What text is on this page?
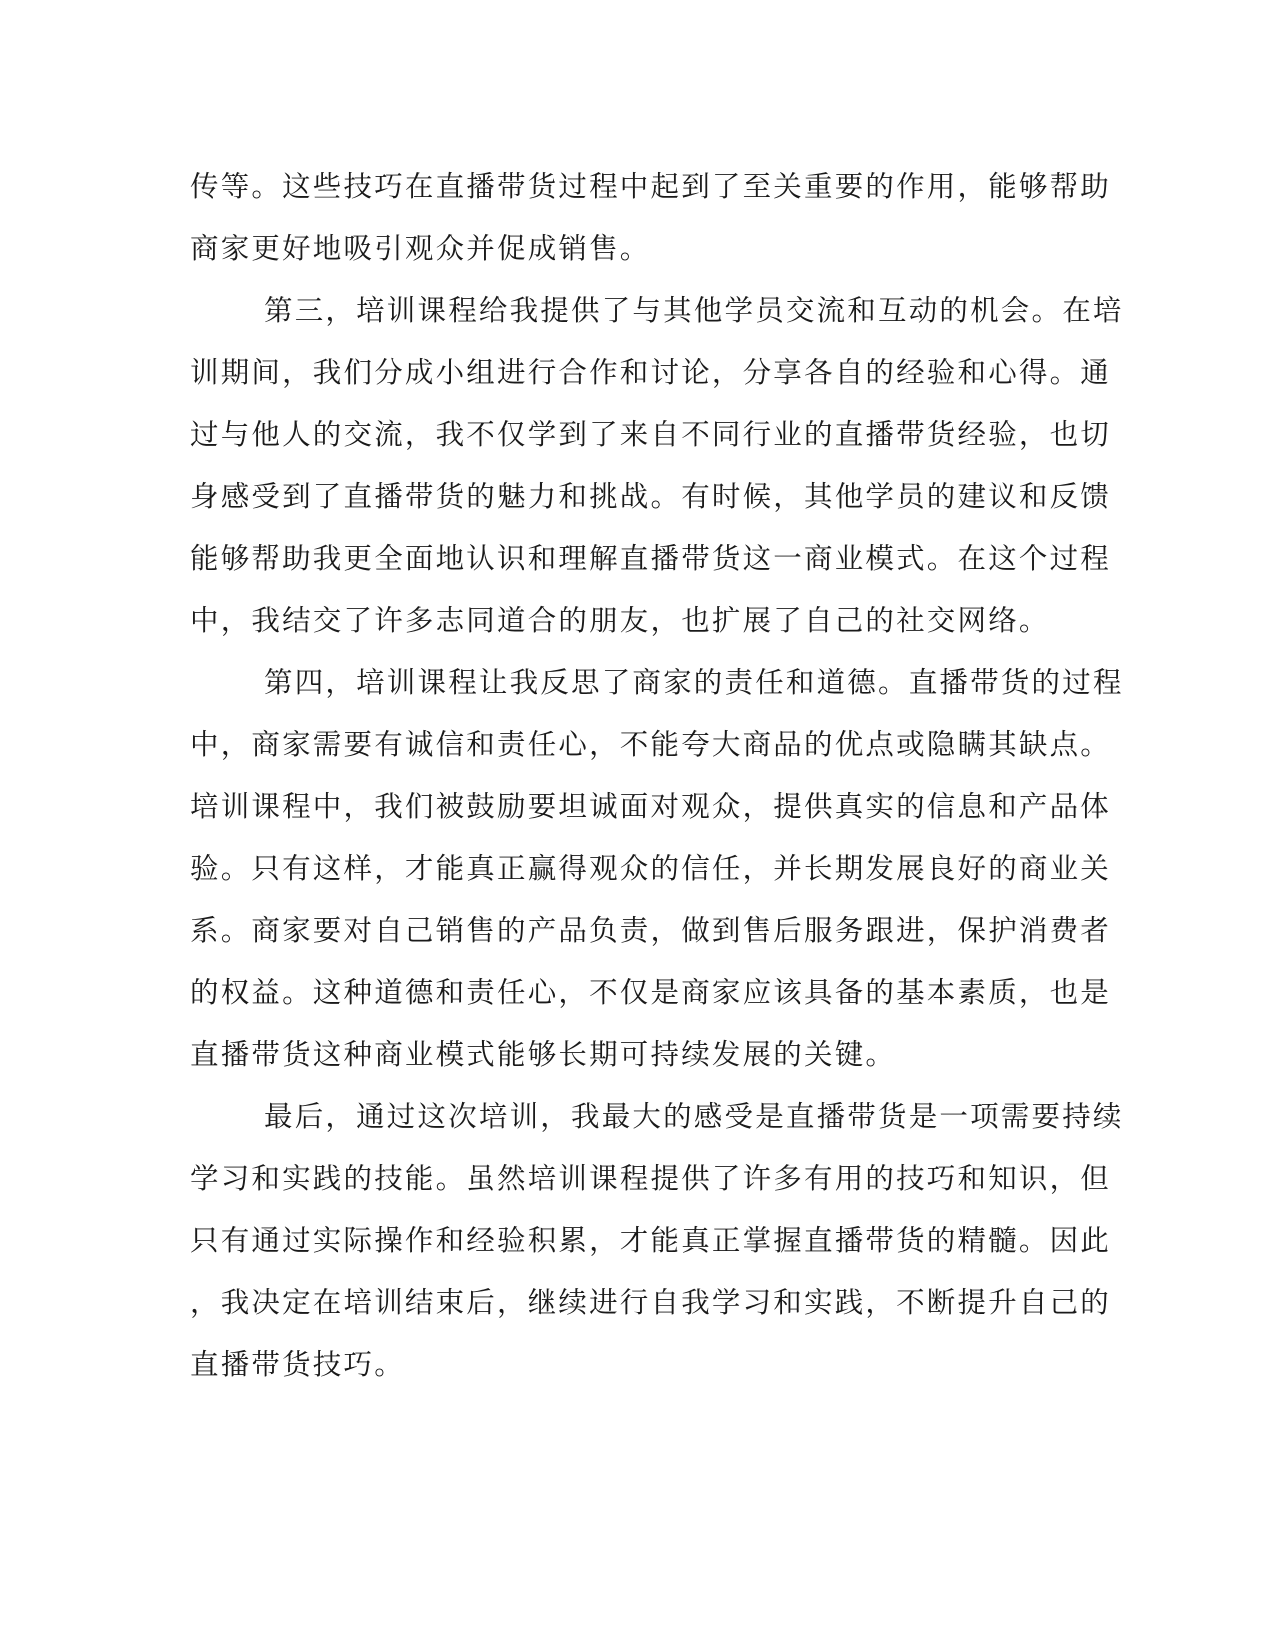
传等。这些技巧在直播带货过程中起到了至关重要的作用，能够帮助
商家更好地吸引观众并促成销售。
第三，培训课程给我提供了与其他学员交流和互动的机会。在培
训期间，我们分成小组进行合作和讨论，分享各自的经验和心得。通
过与他人的交流，我不仅学到了来自不同行业的直播带货经验，也切
身感受到了直播带货的魅力和挑战。有时候，其他学员的建议和反馈
能够帮助我更全面地认识和理解直播带货这一商业模式。在这个过程
中，我结交了许多志同道合的朋友，也扩展了自己的社交网络。
第四，培训课程让我反思了商家的责任和道德。直播带货的过程
中，商家需要有诚信和责任心，不能夸大商品的优点或隐瞒其缺点。
培训课程中，我们被鼓励要坦诚面对观众，提供真实的信息和产品体
验。只有这样，才能真正赢得观众的信任，并长期发展良好的商业关
系。商家要对自己销售的产品负责，做到售后服务跟进，保护消费者
的权益。这种道德和责任心，不仅是商家应该具备的基本素质，也是
直播带货这种商业模式能够长期可持续发展的关键。
最后，通过这次培训，我最大的感受是直播带货是一项需要持续
学习和实践的技能。虽然培训课程提供了许多有用的技巧和知识，但
只有通过实际操作和经验积累，才能真正掌握直播带货的精髓。因此
，我决定在培训结束后，继续进行自我学习和实践，不断提升自己的
直播带货技巧。
